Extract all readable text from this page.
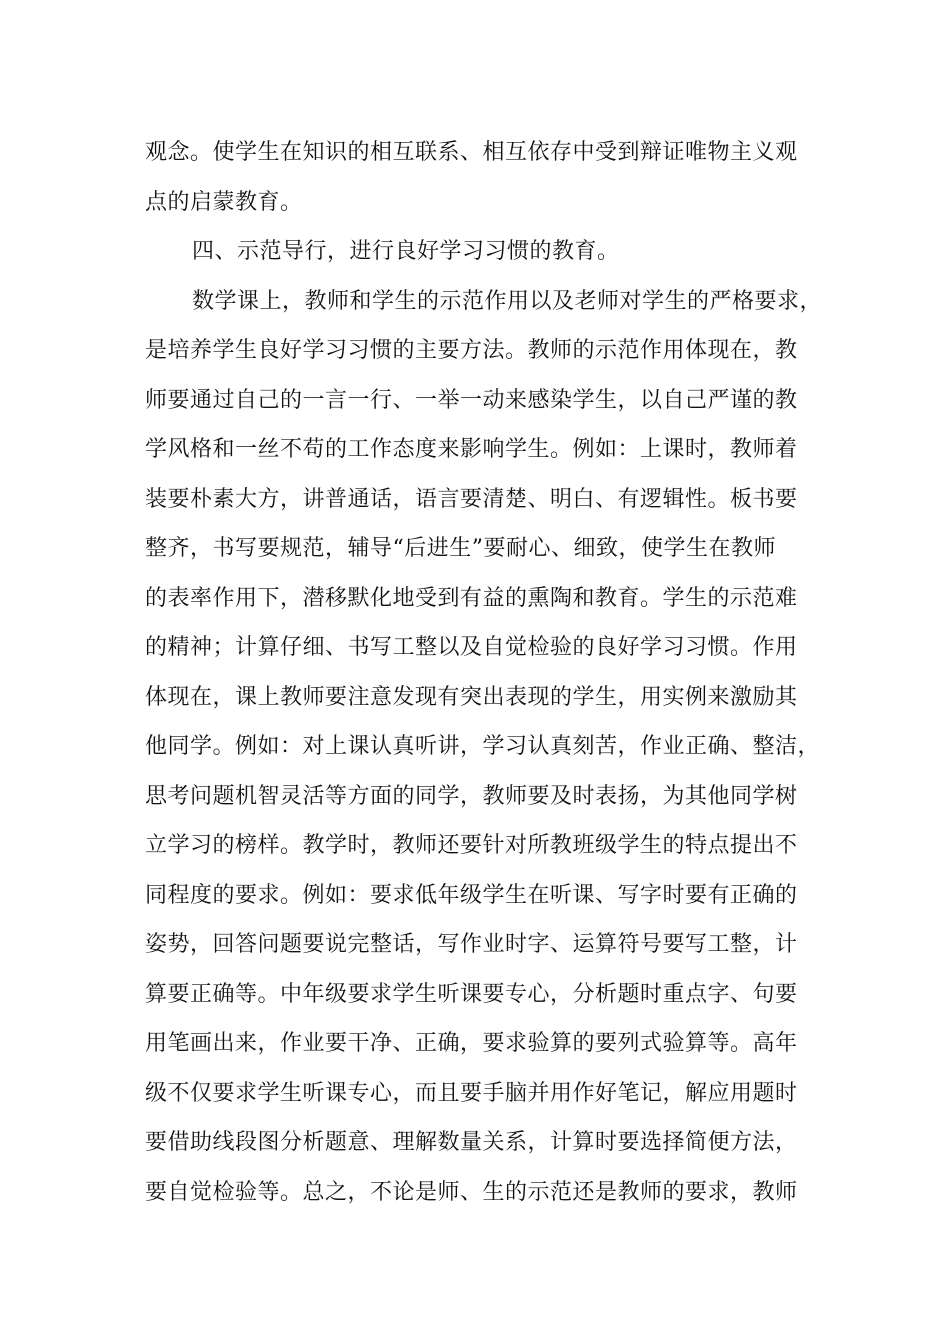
观念。使学生在知识的相互联系、相互依存中受到辩证唯物主义观
点的启蒙教育。
四、示范导行，进行良好学习习惯的教育。
数学课上，教师和学生的示范作用以及老师对学生的严格要求，
是培养学生良好学习习惯的主要方法。教师的示范作用体现在，教
师要通过自己的一言一行、一举一动来感染学生，以自己严谨的教
学风格和一丝不苟的工作态度来影响学生。例如：上课时，教师着
装要朴素大方，讲普通话，语言要清楚、明白、有逻辑性。板书要
整齐，书写要规范，辅导“后进生”要耐心、细致，使学生在教师
的表率作用下，潜移默化地受到有益的熏陶和教育。学生的示范难
的精神；计算仔细、书写工整以及自觉检验的良好学习习惯。作用
体现在，课上教师要注意发现有突出表现的学生，用实例来激励其
他同学。例如：对上课认真听讲，学习认真刻苦，作业正确、整洁，
思考问题机智灵活等方面的同学，教师要及时表扬，为其他同学树
立学习的榜样。教学时，教师还要针对所教班级学生的特点提出不
同程度的要求。例如：要求低年级学生在听课、写字时要有正确的
姿势，回答问题要说完整话，写作业时字、运算符号要写工整，计
算要正确等。中年级要求学生听课要专心，分析题时重点字、句要
用笔画出来，作业要干净、正确，要求验算的要列式验算等。高年
级不仅要求学生听课专心，而且要手脑并用作好笔记，解应用题时
要借助线段图分析题意、理解数量关系，计算时要选择简便方法，
要自觉检验等。总之，不论是师、生的示范还是教师的要求，教师
